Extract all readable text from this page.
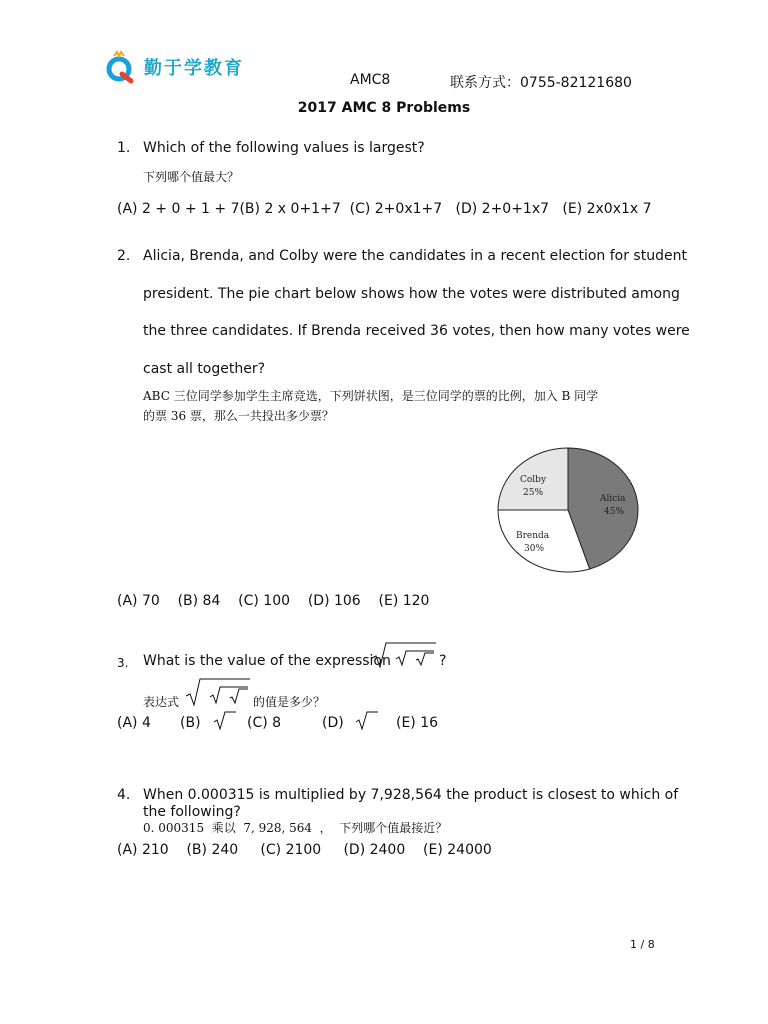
勤于学教育
AMC8	联系方式：0755-82121680
2017 AMC 8 Problems
1. Which of the following values is largest?
下列哪个值最大？
(A) 2 + 0 + 1 + 7(B) 2 x 0+1+7  (C) 2+0x1+7   (D) 2+0+1x7   (E) 2x0x1x 7
2. Alicia, Brenda, and Colby were the candidates in a recent election for student
president. The pie chart below shows how the votes were distributed among
the three candidates. If Brenda received 36 votes, then how many votes were
cast all together?
ABC 三位同学参加学生主席竞选，下列饼状图，是三位同学的票的比例，加入 B 同学
的票 36 票，那么一共投出多少票？
Colby
25%
Alicia
45%
Brenda
30%
(A) 70    (B) 84    (C) 100    (D) 106    (E) 120
3. What is the value of the expression	?
表达式	的值是多少？
(A) 4 (B)	(C) 8	(D)	(E) 16
4. When 0.000315 is multiplied by 7,928,564 the product is closest to which of
the following?
0. 000315  乘以  7, 928, 564  ，  下列哪个值最接近？
(A) 210    (B) 240     (C) 2100     (D) 2400    (E) 24000
1 / 8
